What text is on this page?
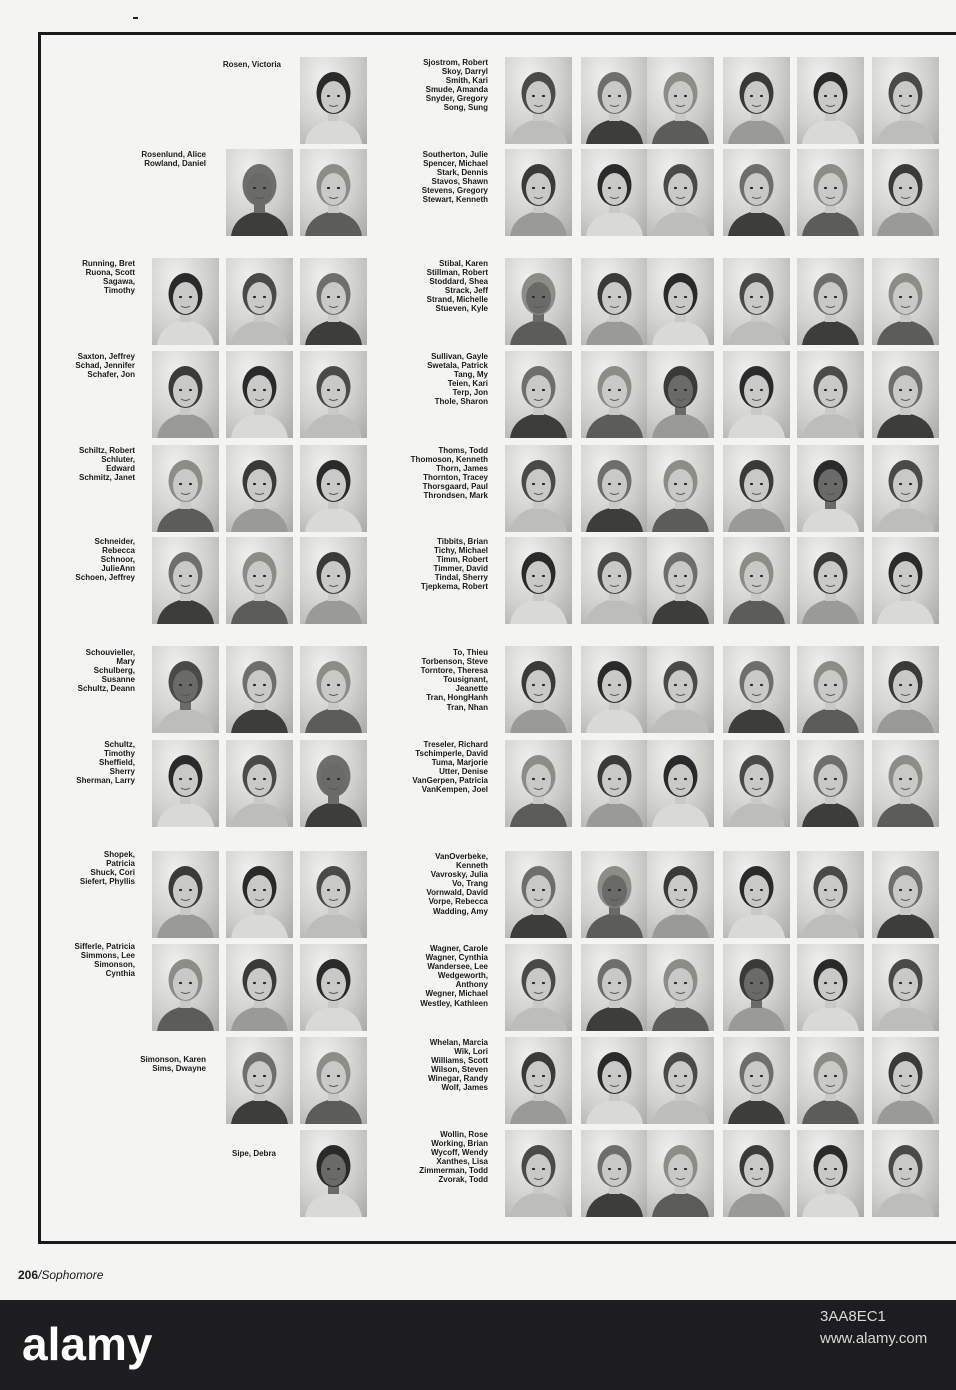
Rosen, Victoria
Rosenlund, Alice
Rowland, Daniel
Running, Bret
Ruona, Scott
Sagawa,
Timothy
Saxton, Jeffrey
Schad, Jennifer
Schafer, Jon
Schiltz, Robert
Schluter,
Edward
Schmitz, Janet
Schneider,
Rebecca
Schnoor,
JulieAnn
Schoen, Jeffrey
Schouvieller,
Mary
Schulberg,
Susanne
Schultz, Deann
Schultz,
Timothy
Sheffield,
Sherry
Sherman, Larry
Shopek,
Patricia
Shuck, Cori
Siefert, Phyllis
Sifferle, Patricia
Simmons, Lee
Simonson,
Cynthia
Simonson, Karen
Sims, Dwayne
Sipe, Debra
Sjostrom, Robert
Skoy, Darryl
Smith, Kari
Smude, Amanda
Snyder, Gregory
Song, Sung
Southerton, Julie
Spencer, Michael
Stark, Dennis
Stavos, Shawn
Stevens, Gregory
Stewart, Kenneth
Stibal, Karen
Stillman, Robert
Stoddard, Shea
Strack, Jeff
Strand, Michelle
Stueven, Kyle
Sullivan, Gayle
Swetala, Patrick
Tang, My
Teien, Kari
Terp, Jon
Thole, Sharon
Thoms, Todd
Thomoson, Kenneth
Thorn, James
Thornton, Tracey
Thorsgaard, Paul
Throndsen, Mark
Tibbits, Brian
Tichy, Michael
Timm, Robert
Timmer, David
Tindal, Sherry
Tjepkema, Robert
To, Thieu
Torbenson, Steve
Torntore, Theresa
Tousignant,
Jeanette
Tran, HongHanh
Tran, Nhan
Treseler, Richard
Tschimperle, David
Tuma, Marjorie
Utter, Denise
VanGerpen, Patricia
VanKempen, Joel
VanOverbeke,
Kenneth
Vavrosky, Julia
Vo, Trang
Vornwald, David
Vorpe, Rebecca
Wadding, Amy
Wagner, Carole
Wagner, Cynthia
Wandersee, Lee
Wedgeworth,
Anthony
Wegner, Michael
Westley, Kathleen
Whelan, Marcia
Wik, Lori
Williams, Scott
Wilson, Steven
Winegar, Randy
Wolf, James
Wollin, Rose
Working, Brian
Wycoff, Wendy
Xanthes, Lisa
Zimmerman, Todd
Zvorak, Todd
206/Sophomore
alamy
3AA8EC1
www.alamy.com
